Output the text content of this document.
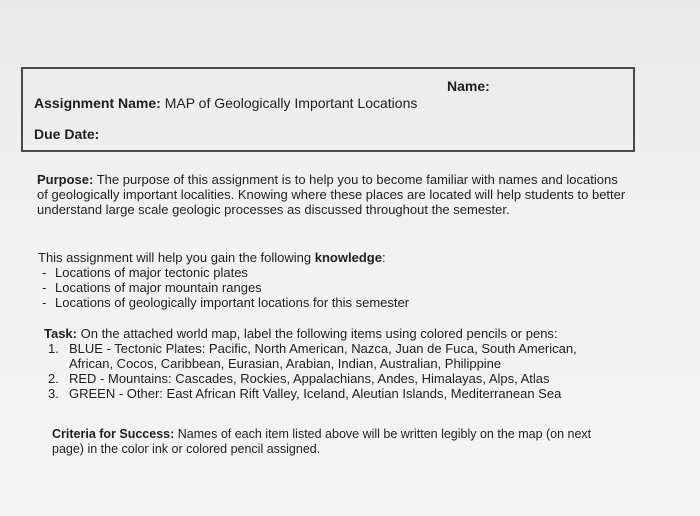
Name:
Assignment Name: MAP of Geologically Important Locations
Due Date:
Purpose: The purpose of this assignment is to help you to become familiar with names and locations of geologically important localities. Knowing where these places are located will help students to better understand large scale geologic processes as discussed throughout the semester.
This assignment will help you gain the following knowledge:
- Locations of major tectonic plates
- Locations of major mountain ranges
- Locations of geologically important locations for this semester
Task: On the attached world map, label the following items using colored pencils or pens:
1. BLUE - Tectonic Plates: Pacific, North American, Nazca, Juan de Fuca, South American, African, Cocos, Caribbean, Eurasian, Arabian, Indian, Australian, Philippine
2. RED - Mountains: Cascades, Rockies, Appalachians, Andes, Himalayas, Alps, Atlas
3. GREEN - Other: East African Rift Valley, Iceland, Aleutian Islands, Mediterranean Sea
Criteria for Success: Names of each item listed above will be written legibly on the map (on next page) in the color ink or colored pencil assigned.
